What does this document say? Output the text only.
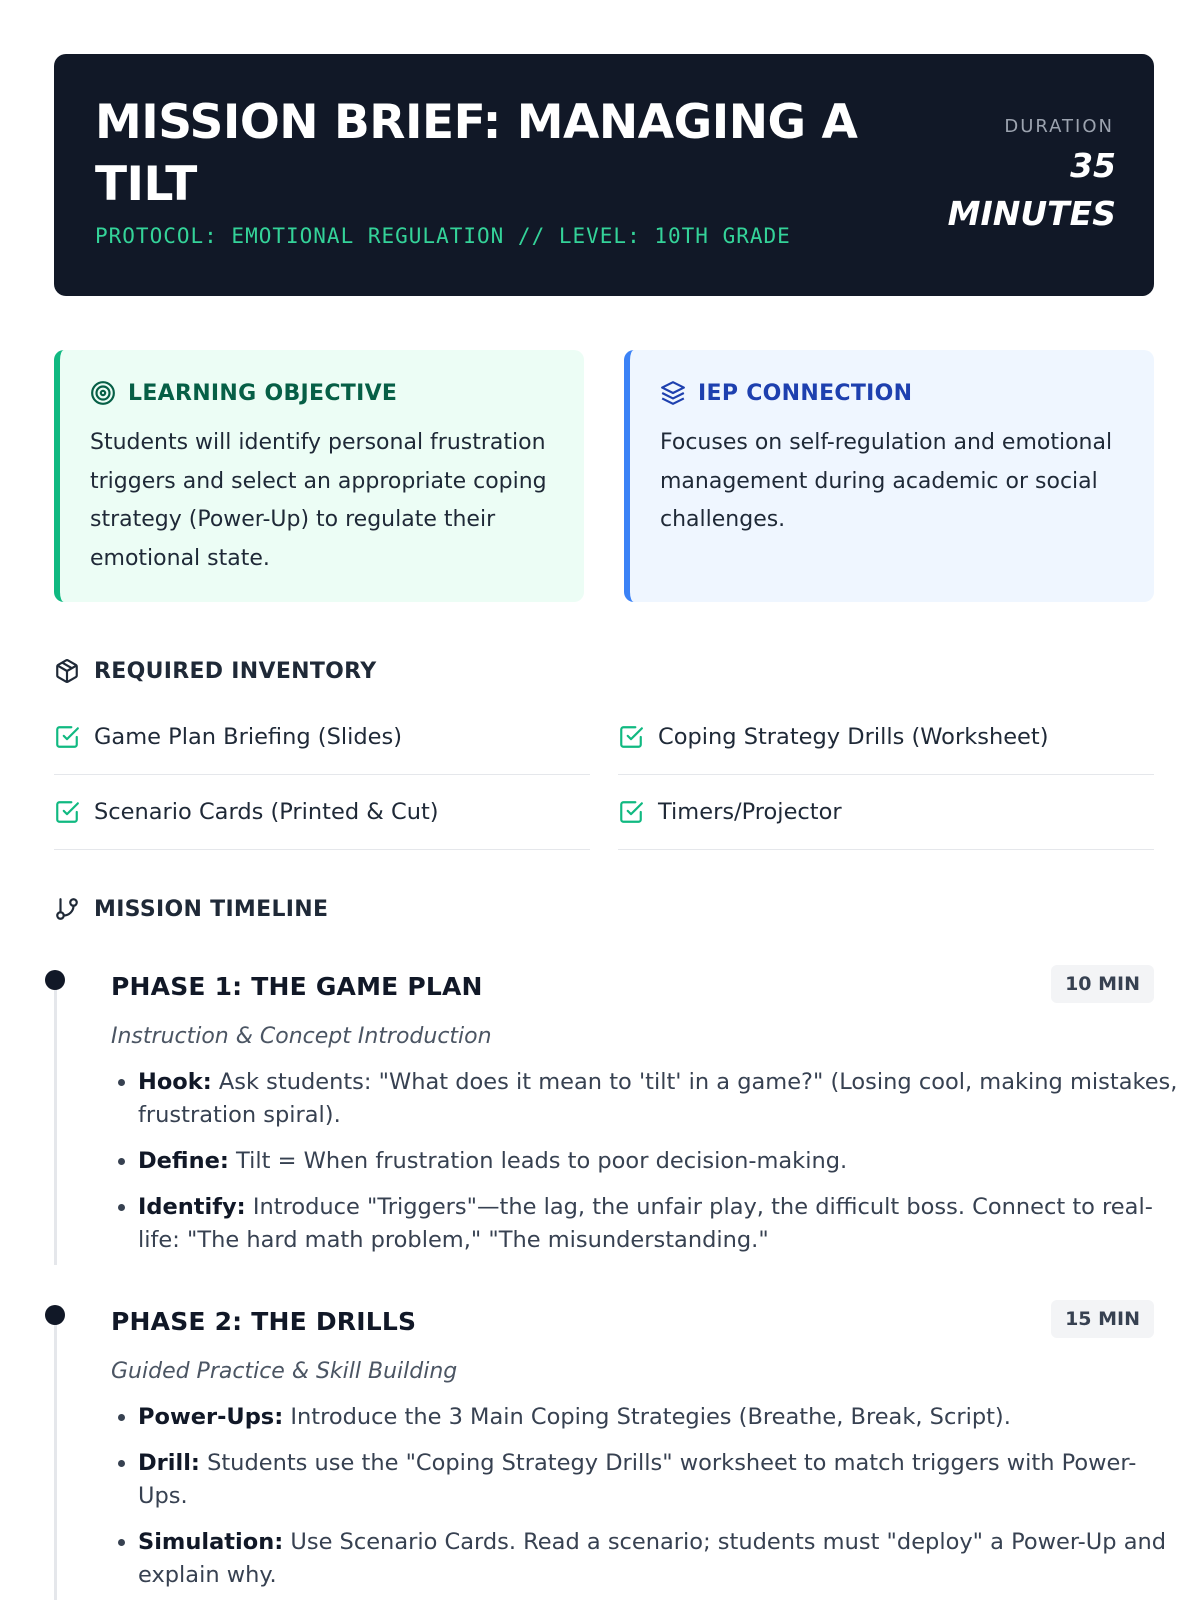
MISSION BRIEF: MANAGING A TILT
PROTOCOL: EMOTIONAL REGULATION // LEVEL: 10TH GRADE
DURATION
35 MINUTES
LEARNING OBJECTIVE
Students will identify personal frustration triggers and select an appropriate coping strategy (Power-Up) to regulate their emotional state.
IEP CONNECTION
Focuses on self-regulation and emotional management during academic or social challenges.
REQUIRED INVENTORY
Game Plan Briefing (Slides)	Coping Strategy Drills (Worksheet)
Scenario Cards (Printed & Cut)	Timers/Projector
MISSION TIMELINE
PHASE 1: THE GAME PLAN	10 MIN
Instruction & Concept Introduction
• Hook: Ask students: "What does it mean to 'tilt' in a game?" (Losing cool, making mistakes, frustration spiral).
• Define: Tilt = When frustration leads to poor decision-making.
• Identify: Introduce "Triggers"—the lag, the unfair play, the difficult boss. Connect to real-life: "The hard math problem," "The misunderstanding."
PHASE 2: THE DRILLS	15 MIN
Guided Practice & Skill Building
• Power-Ups: Introduce the 3 Main Coping Strategies (Breathe, Break, Script).
• Drill: Students use the "Coping Strategy Drills" worksheet to match triggers with Power-Ups.
• Simulation: Use Scenario Cards. Read a scenario; students must "deploy" a Power-Up and explain why.
